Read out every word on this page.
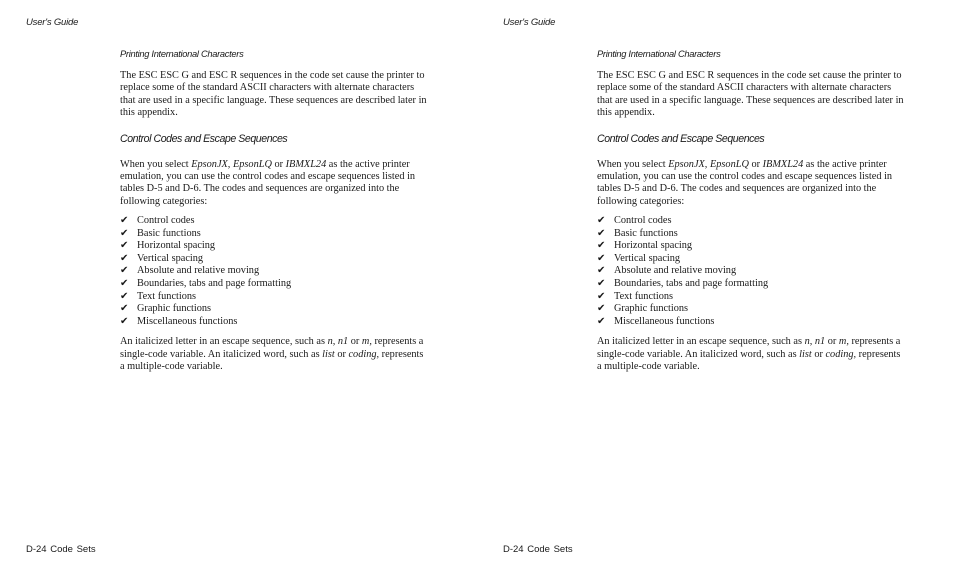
User's Guide
Printing International Characters

The ESC ESC G and ESC R sequences in the code set cause the printer to replace some of the standard ASCII characters with alternate characters that are used in a specific language. These sequences are described later in this appendix.

Control Codes and Escape Sequences

When you select EpsonJX, EpsonLQ or IBMXL24 as the active printer emulation, you can use the control codes and escape sequences listed in tables D-5 and D-6. The codes and sequences are organized into the following categories:

✔ Control codes
✔ Basic functions
✔ Horizontal spacing
✔ Vertical spacing
✔ Absolute and relative moving
✔ Boundaries, tabs and page formatting
✔ Text functions
✔ Graphic functions
✔ Miscellaneous functions

An italicized letter in an escape sequence, such as n, n1 or m, represents a single-code variable. An italicized word, such as list or coding, represents a multiple-code variable.

D-24 Code Sets
User's Guide
Printing International Characters

The ESC ESC G and ESC R sequences in the code set cause the printer to replace some of the standard ASCII characters with alternate characters that are used in a specific language. These sequences are described later in this appendix.

Control Codes and Escape Sequences

When you select EpsonJX, EpsonLQ or IBMXL24 as the active printer emulation, you can use the control codes and escape sequences listed in tables D-5 and D-6. The codes and sequences are organized into the following categories:

✔ Control codes
✔ Basic functions
✔ Horizontal spacing
✔ Vertical spacing
✔ Absolute and relative moving
✔ Boundaries, tabs and page formatting
✔ Text functions
✔ Graphic functions
✔ Miscellaneous functions

An italicized letter in an escape sequence, such as n, n1 or m, represents a single-code variable. An italicized word, such as list or coding, represents a multiple-code variable.

D-24 Code Sets
